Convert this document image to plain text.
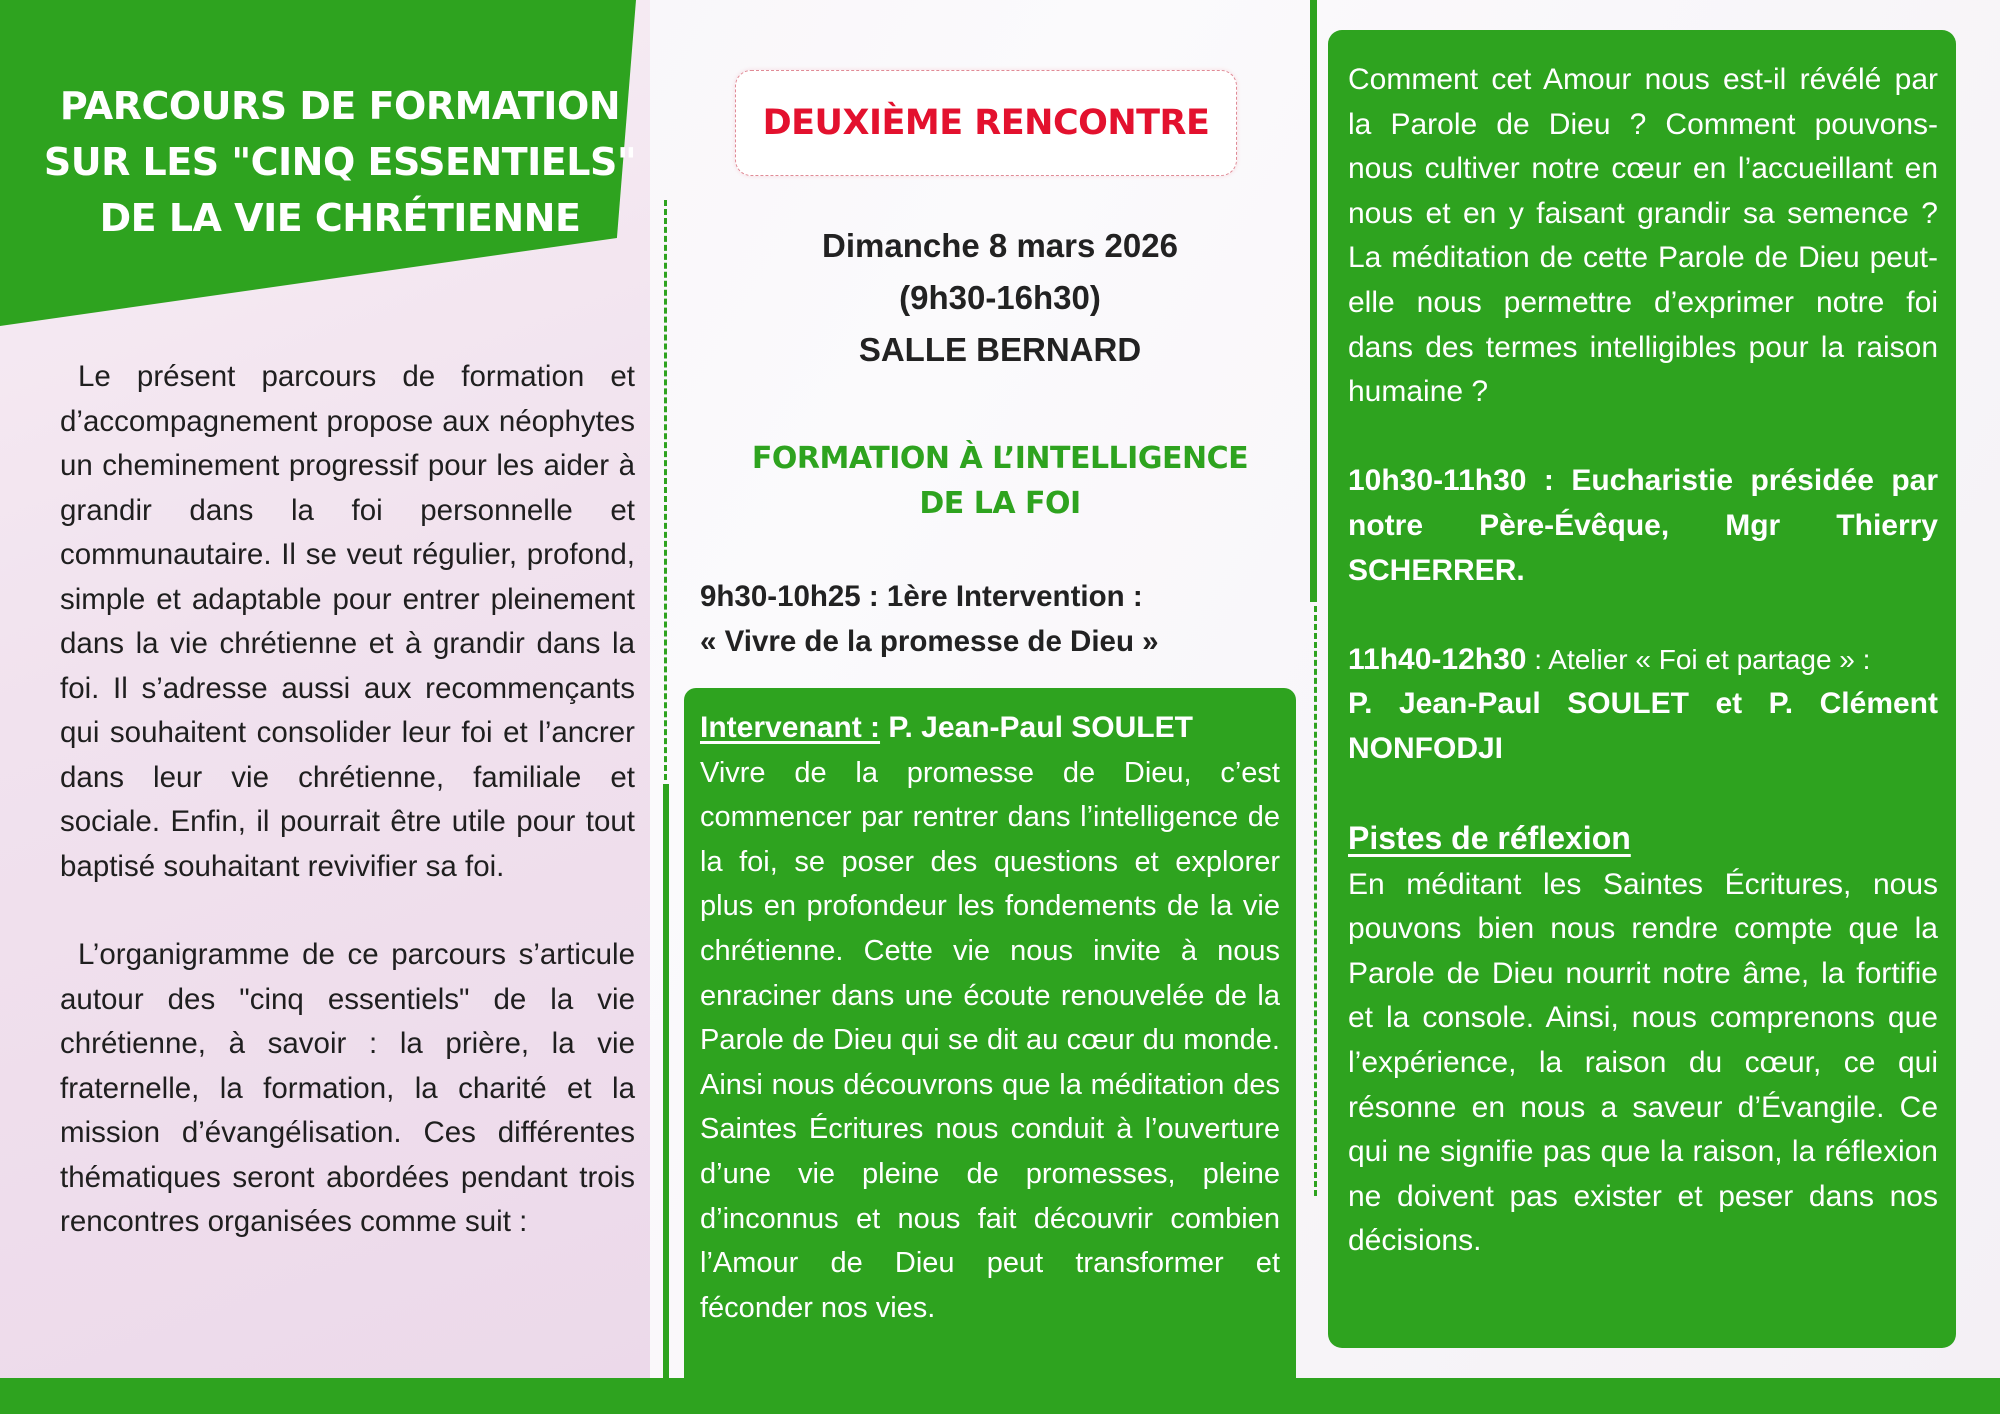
PARCOURS DE FORMATION
SUR LES "CINQ ESSENTIELS"
DE LA VIE CHRÉTIENNE

Le présent parcours de formation et d’accompagnement propose aux néophytes un cheminement progressif pour les aider à grandir dans la foi personnelle et communautaire. Il se veut régulier, profond, simple et adaptable pour entrer pleinement dans la vie chrétienne et à grandir dans la foi. Il s’adresse aussi aux recommençants qui souhaitent consolider leur foi et l’ancrer dans leur vie chrétienne, familiale et sociale. Enfin, il pourrait être utile pour tout baptisé souhaitant revivifier sa foi.

L’organigramme de ce parcours s’articule autour des "cinq essentiels" de la vie chrétienne, à savoir : la prière, la vie fraternelle, la formation, la charité et la mission d’évangélisation. Ces différentes thématiques seront abordées pendant trois rencontres organisées comme suit :

DEUXIÈME RENCONTRE
Dimanche 8 mars 2026
(9h30-16h30)
SALLE BERNARD
FORMATION À L’INTELLIGENCE
DE LA FOI
9h30-10h25 : 1ère Intervention :
« Vivre de la promesse de Dieu »
Intervenant : P. Jean-Paul SOULET

Vivre de la promesse de Dieu, c’est commencer par rentrer dans l’intelligence de la foi, se poser des questions et explorer plus en profondeur les fondements de la vie chrétienne. Cette vie nous invite à nous enraciner dans une écoute renouvelée de la Parole de Dieu qui se dit au cœur du monde. Ainsi nous découvrons que la méditation des Saintes Écritures nous conduit à l’ouverture d’une vie pleine de promesses, pleine d’inconnus et nous fait découvrir combien l’Amour de Dieu peut transformer et féconder nos vies.

Comment cet Amour nous est-il révélé par la Parole de Dieu ? Comment pouvons-nous cultiver notre cœur en l’accueillant en nous et en y faisant grandir sa semence ? La méditation de cette Parole de Dieu peut-elle nous permettre d’exprimer notre foi dans des termes intelligibles pour la raison humaine ?

10h30-11h30 : Eucharistie présidée par notre Père-Évêque, Mgr Thierry SCHERRER.

11h40-12h30 : Atelier « Foi et partage » :

P. Jean-Paul SOULET et P. Clément NONFODJI

Pistes de réflexion

En méditant les Saintes Écritures, nous pouvons bien nous rendre compte que la Parole de Dieu nourrit notre âme, la fortifie et la console. Ainsi, nous comprenons que l’expérience, la raison du cœur, ce qui résonne en nous a saveur d’Évangile. Ce qui ne signifie pas que la raison, la réflexion ne doivent pas exister et peser dans nos décisions.
